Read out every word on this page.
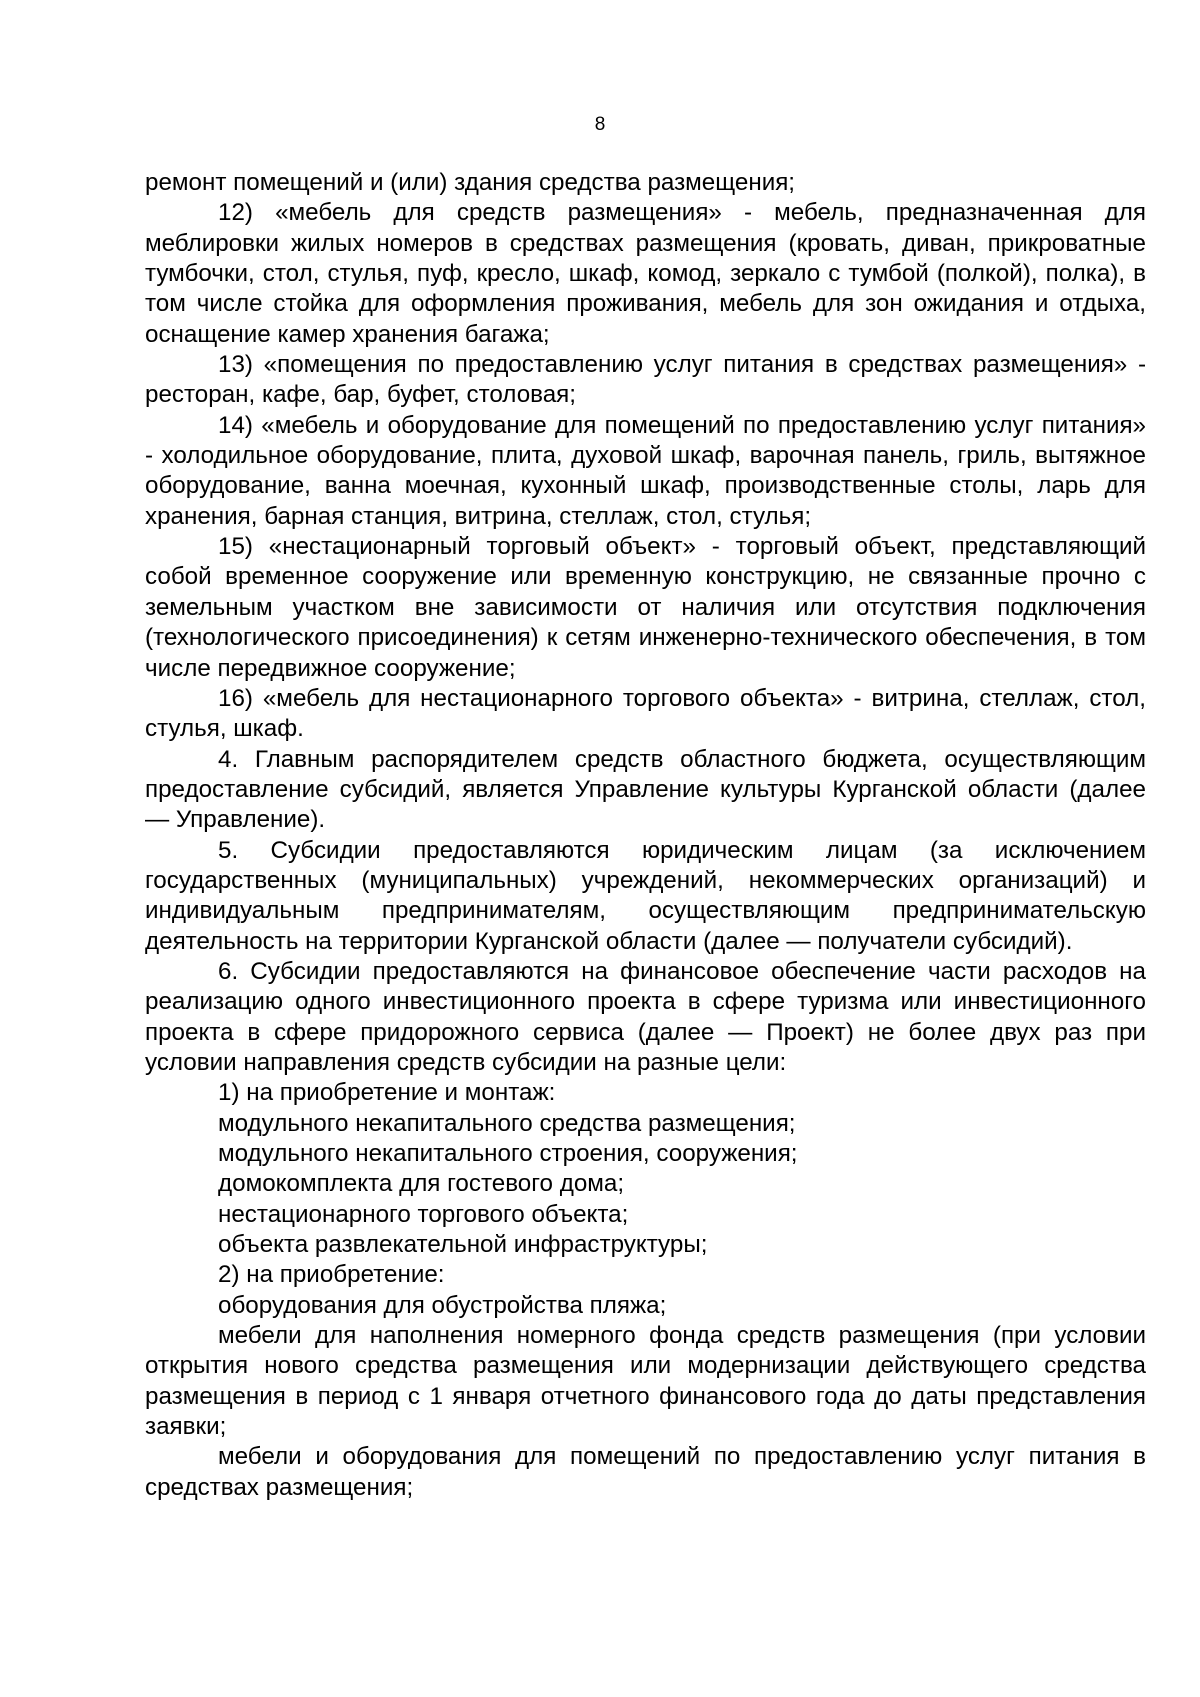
8

ремонт помещений и (или) здания средства размещения;

12) «мебель для средств размещения» - мебель, предназначенная для меблировки жилых номеров в средствах размещения (кровать, диван, прикроватные тумбочки, стол, стулья, пуф, кресло, шкаф, комод, зеркало с тумбой (полкой), полка), в том числе стойка для оформления проживания, мебель для зон ожидания и отдыха, оснащение камер хранения багажа;

13) «помещения по предоставлению услуг питания в средствах размещения» - ресторан, кафе, бар, буфет, столовая;

14) «мебель и оборудование для помещений по предоставлению услуг питания» - холодильное оборудование, плита, духовой шкаф, варочная панель, гриль, вытяжное оборудование, ванна моечная, кухонный шкаф, производственные столы, ларь для хранения, барная станция, витрина, стеллаж, стол, стулья;

15) «нестационарный торговый объект» - торговый объект, представляющий собой временное сооружение или временную конструкцию, не связанные прочно с земельным участком вне зависимости от наличия или отсутствия подключения (технологического присоединения) к сетям инженерно-технического обеспечения, в том числе передвижное сооружение;

16) «мебель для нестационарного торгового объекта» - витрина, стеллаж, стол, стулья, шкаф.

4. Главным распорядителем средств областного бюджета, осуществляющим предоставление субсидий, является Управление культуры Курганской области (далее — Управление).

5. Субсидии предоставляются юридическим лицам (за исключением государственных (муниципальных) учреждений, некоммерческих организаций) и индивидуальным предпринимателям, осуществляющим предпринимательскую деятельность на территории Курганской области (далее — получатели субсидий).

6. Субсидии предоставляются на финансовое обеспечение части расходов на реализацию одного инвестиционного проекта в сфере туризма или инвестиционного проекта в сфере придорожного сервиса (далее — Проект) не более двух раз при условии направления средств субсидии на разные цели:

1) на приобретение и монтаж:

модульного некапитального средства размещения;

модульного некапитального строения, сооружения;

домокомплекта для гостевого дома;

нестационарного торгового объекта;

объекта развлекательной инфраструктуры;

2) на приобретение:

оборудования для обустройства пляжа;

мебели для наполнения номерного фонда средств размещения (при условии открытия нового средства размещения или модернизации действующего средства размещения в период с 1 января отчетного финансового года до даты представления заявки;

мебели и оборудования для помещений по предоставлению услуг питания в средствах размещения;
